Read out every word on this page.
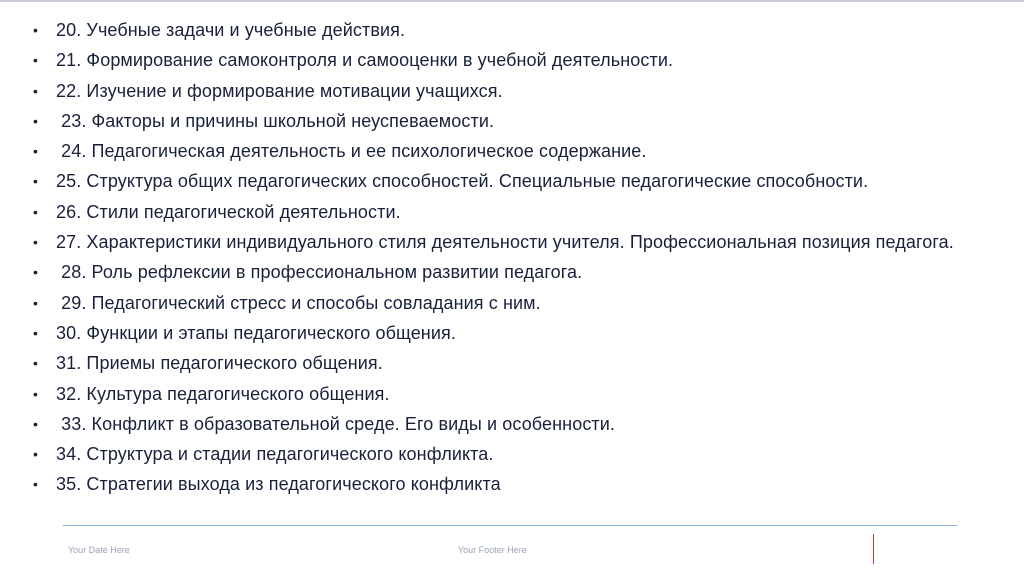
• 20. Учебные задачи и учебные действия.
• 21. Формирование самоконтроля и самооценки в учебной деятельности.
• 22. Изучение и формирование мотивации учащихся.
• 23. Факторы и причины школьной неуспеваемости.
• 24. Педагогическая деятельность и ее психологическое содержание.
• 25. Структура общих педагогических способностей. Специальные педагогические способности.
• 26. Стили педагогической деятельности.
• 27. Характеристики индивидуального стиля деятельности учителя. Профессиональная позиция педагога.
• 28. Роль рефлексии в профессиональном развитии педагога.
• 29. Педагогический стресс и способы совладания с ним.
• 30. Функции и этапы педагогического общения.
• 31. Приемы педагогического общения.
• 32. Культура педагогического общения.
• 33. Конфликт в образовательной среде. Его виды и особенности.
• 34. Структура и стадии педагогического конфликта.
• 35. Стратегии выхода из педагогического конфликта
Your Date Here	Your Footer Here
